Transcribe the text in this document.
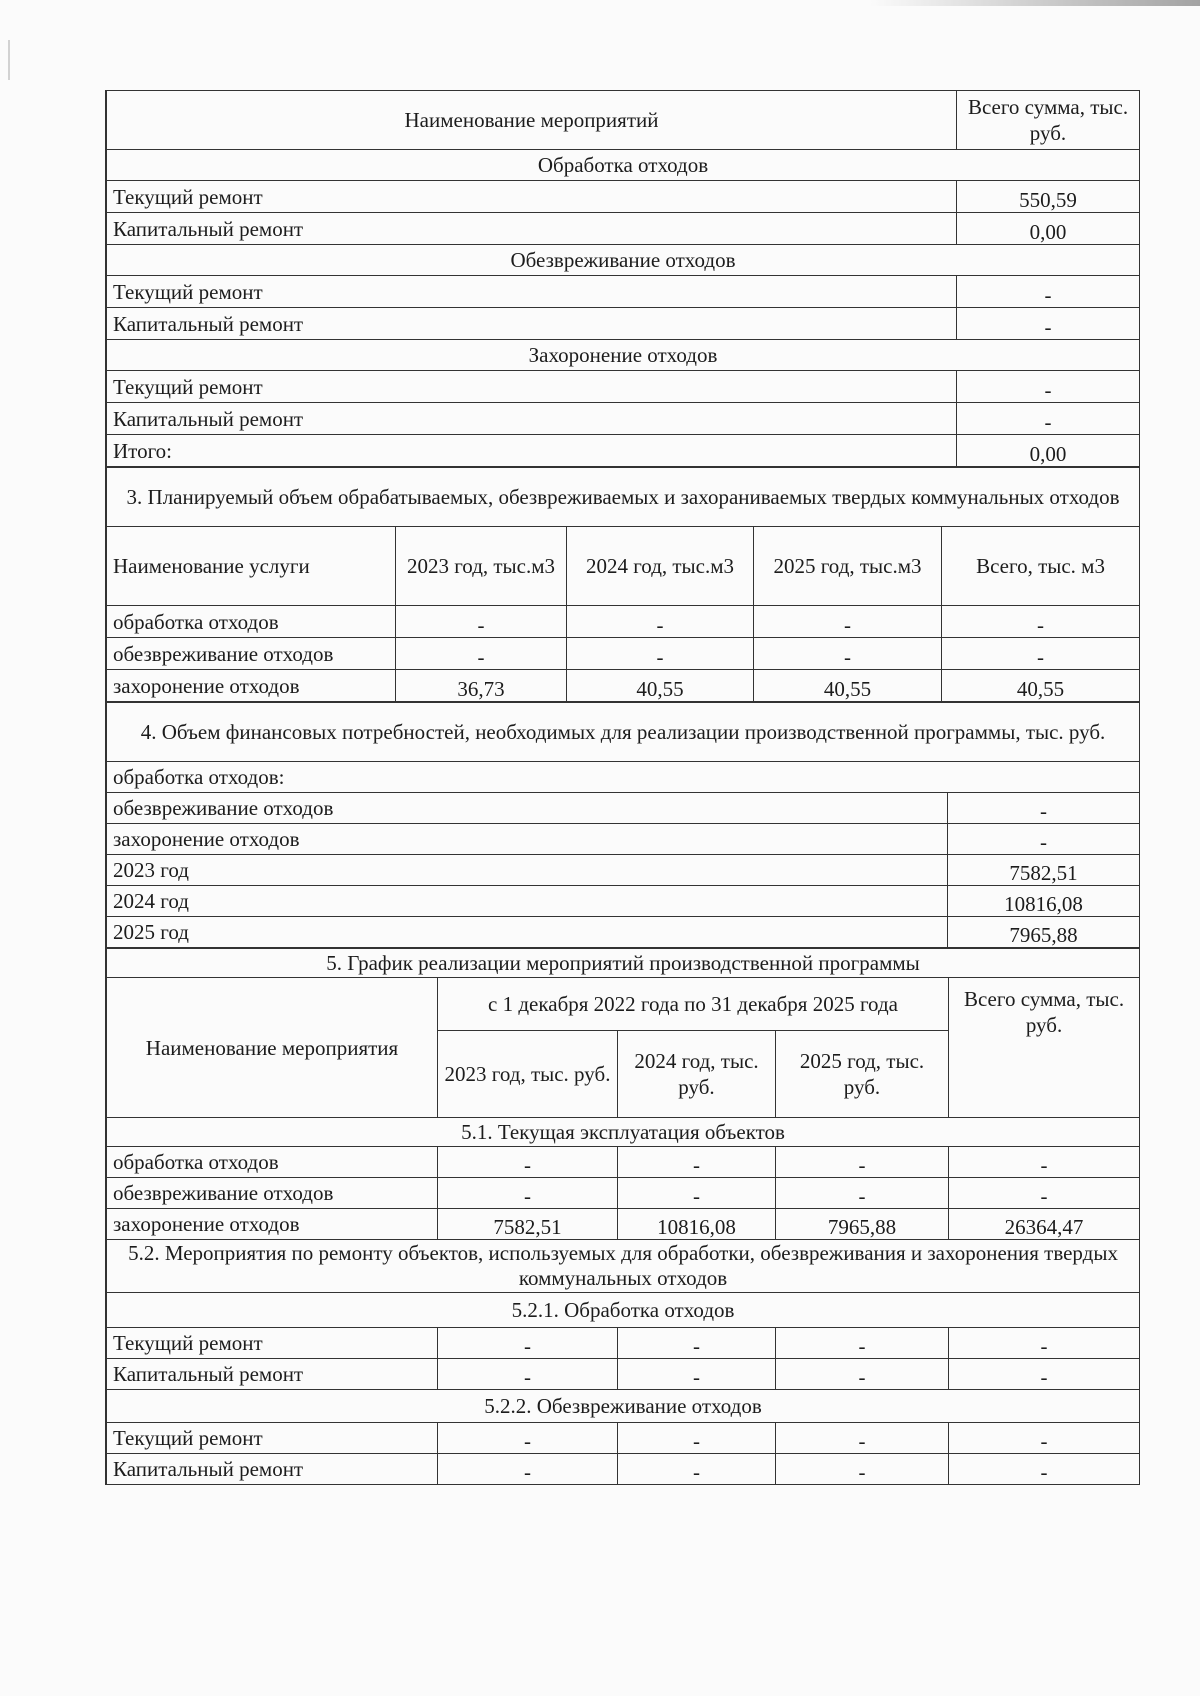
Наименование мероприятий	Всего сумма, тыс. руб.
Обработка отходов	
Текущий ремонт	550,59
Капитальный ремонт	0,00
Обезвреживание отходов	
Текущий ремонт	-
Капитальный ремонт	-
Захоронение отходов	
Текущий ремонт	-
Капитальный ремонт	-
Итого:	0,00
3. Планируемый объем обрабатываемых, обезвреживаемых и захораниваемых твердых коммунальных отходов				
Наименование услуги	2023 год, тыс.м3	2024 год, тыс.м3	2025 год, тыс.м3	Всего, тыс. м3
обработка отходов	-	-	-	-
обезвреживание отходов	-	-	-	-
захоронение отходов	36,73	40,55	40,55	40,55
4. Объем финансовых потребностей, необходимых для реализации производственной программы, тыс. руб.	
обработка отходов:	
обезвреживание отходов	-
захоронение отходов	-
2023 год	7582,51
2024 год	10816,08
2025 год	7965,88
5. График реализации мероприятий производственной программы				
Наименование мероприятия	с 1 декабря 2022 года по 31 декабря 2025 года			Всего сумма, тыс. руб.
	2023 год, тыс. руб.	2024 год, тыс. руб.	2025 год, тыс. руб.	
5.1. Текущая эксплуатация объектов				
обработка отходов	-	-	-	-
обезвреживание отходов	-	-	-	-
захоронение отходов	7582,51	10816,08	7965,88	26364,47
5.2. Мероприятия по ремонту объектов, используемых для обработки, обезвреживания и захоронения твердых коммунальных отходов				
5.2.1. Обработка отходов				
Текущий ремонт	-	-	-	-
Капитальный ремонт	-	-	-	-
5.2.2. Обезвреживание отходов				
Текущий ремонт	-	-	-	-
Капитальный ремонт	-	-	-	-
